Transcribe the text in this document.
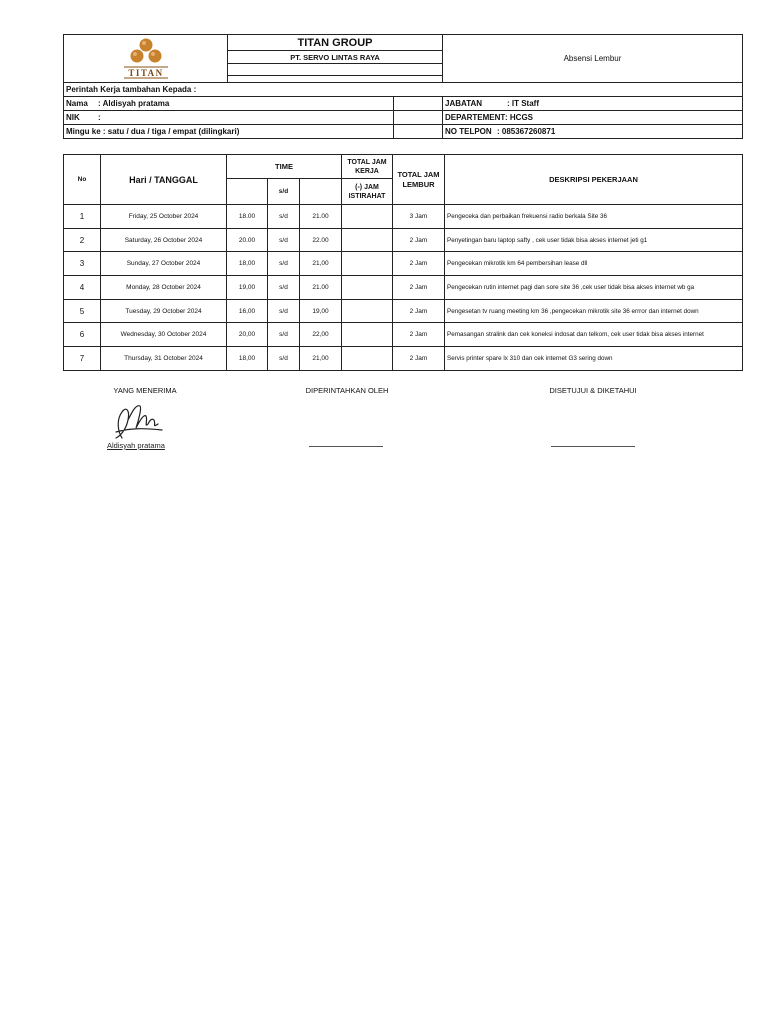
TITAN	TITAN GROUP		Absensi Lembur
	PT. SERVO LINTAS RAYA		

Perintah Kerja tambahan Kepada :			
Nama : Aldisyah pratama			JABATAN : IT Staff
NIK :			DEPARTEMENT: HCGS
Mingu ke : satu / dua / tiga / empat (dilingkari)			NO TELPON : 085367260871
No	Hari / TANGGAL	TIME			TOTAL JAM KERJA	TOTAL JAM LEMBUR	DESKRIPSI PEKERJAAN
			s/d		(-) JAM ISTIRAHAT		
1	Friday, 25 October 2024	18.00	s/d	21.00		3 Jam	Pengeceka dan perbaikan frekuensi radio berkala Site 36
2	Saturday, 26 October 2024	20.00	s/d	22.00		2 Jam	Penyetingan baru laptop safty , cek user tidak bisa akses internet jeti g1
3	Sunday, 27 October 2024	18,00	s/d	21,00		2 Jam	Pengecekan mikrotik km 64 pembersihan lease dll
4	Monday, 28 October 2024	19,00	s/d	21.00		2 Jam	Pengecekan rutin internet pagi dan sore site 36 ,cek user tidak bisa akses internet wb ga
5	Tuesday, 29 October 2024	16,00	s/d	19,00		2 Jam	Pengesetan tv ruang meeting km 36 ,pengecekan mikrotik site 36 errror dan internet down
6	Wednesday, 30 October 2024	20,00	s/d	22,00		2 Jam	Pemasangan stralink dan cek koneksi indosat dan telkom, cek user tidak bisa akses internet
7	Thursday, 31 October 2024	18,00	s/d	21,00		2 Jam	Servis printer spare lx 310 dan cek internet G3 sering down
YANG MENERIMA	DIPERINTAHKAN OLEH	DISETUJUI & DIKETAHUI
Aldisyah pratama
